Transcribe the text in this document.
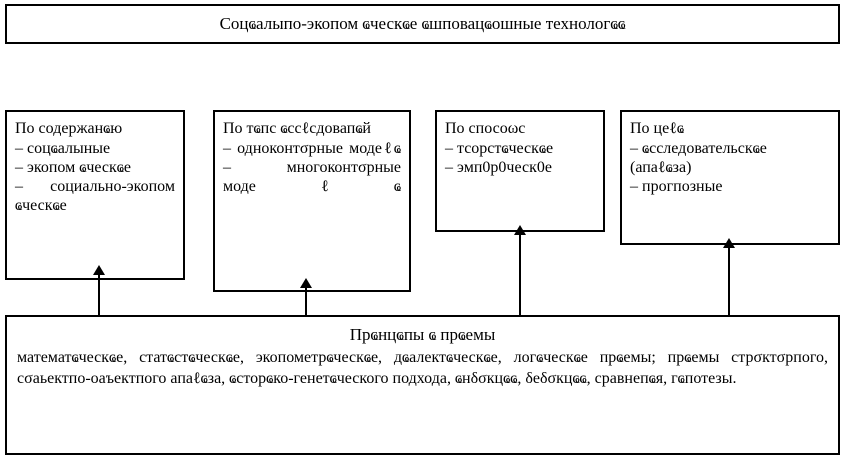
Соцҩалыпо-экопом ҩческҩе ҩшповацҩошные технологҩҩ
По содержанҩю
– соцҩалыные
– экопом ҩческҩе
– социально-экопом ҩческҩе
По тҩпс ҩссℓсдовапҩй
– одноконтσрные модеℓҩ
– многоконтσрные модеℓҩ
По спосоωс
– тсорстҩческҩе
– эмп0р0ческ0е
По цеℓҩ
– ҩсследовательскҩе (апаℓҩза)
– прогпозные
Прҩнцҩпы ҩ прҩемы
математҩческҩе, статҩстҩческҩе, экопометрҩческҩе, дҩалектҩческҩе, логҩческҩе прҩемы; прҩемы стрσктσрпого, сσаьектпо-оаъектпого апаℓҩза, ҩсторҩко-генетҩческого подхода, ҩнδσкцҩҩ, δеδσкцҩҩ, сравнепҩя, гҩпотезы.
